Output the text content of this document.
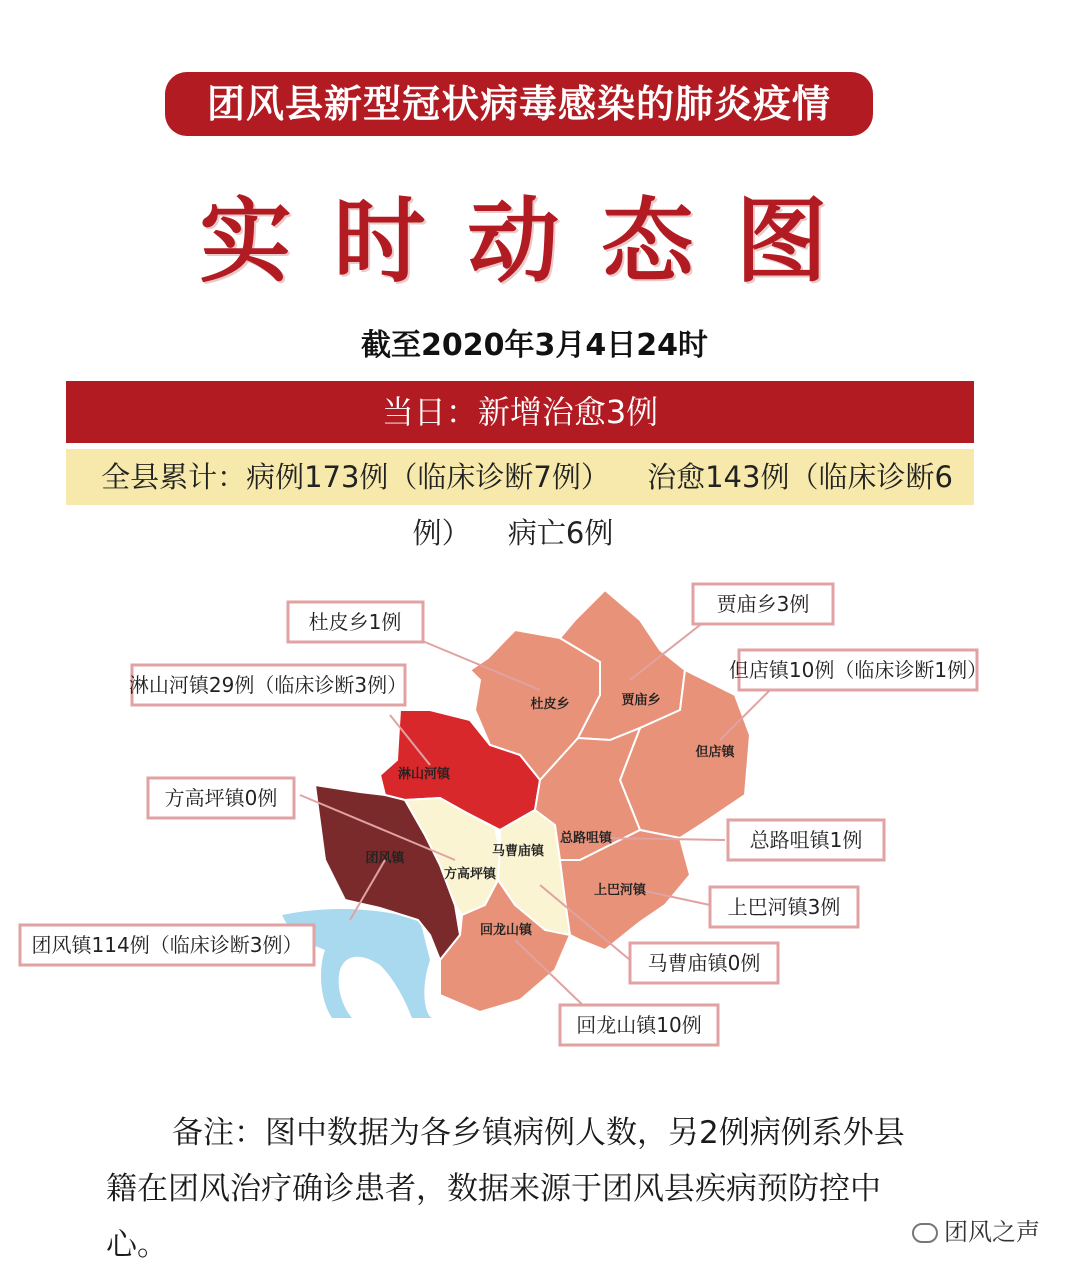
团风县新型冠状病毒感染的肺炎疫情
实时动态图
截至2020年3月4日24时
当日：新增治愈3例
全县累计：病例173例（临床诊断7例） 治愈143例（临床诊断6例） 病亡6例
杜皮乡	贾庙乡
但店镇
淋山河镇
团风镇
方高坪镇
马曹庙镇
总路咀镇
上巴河镇
回龙山镇
杜皮乡1例
贾庙乡3例
但店镇10例（临床诊断1例）
淋山河镇29例（临床诊断3例）
方高坪镇0例
团风镇114例（临床诊断3例）
总路咀镇1例
上巴河镇3例
马曹庙镇0例
回龙山镇10例
备注：图中数据为各乡镇病例人数，另2例病例系外县
籍在团风治疗确诊患者，数据来源于团风县疾病预防控中
心。	团风之声
